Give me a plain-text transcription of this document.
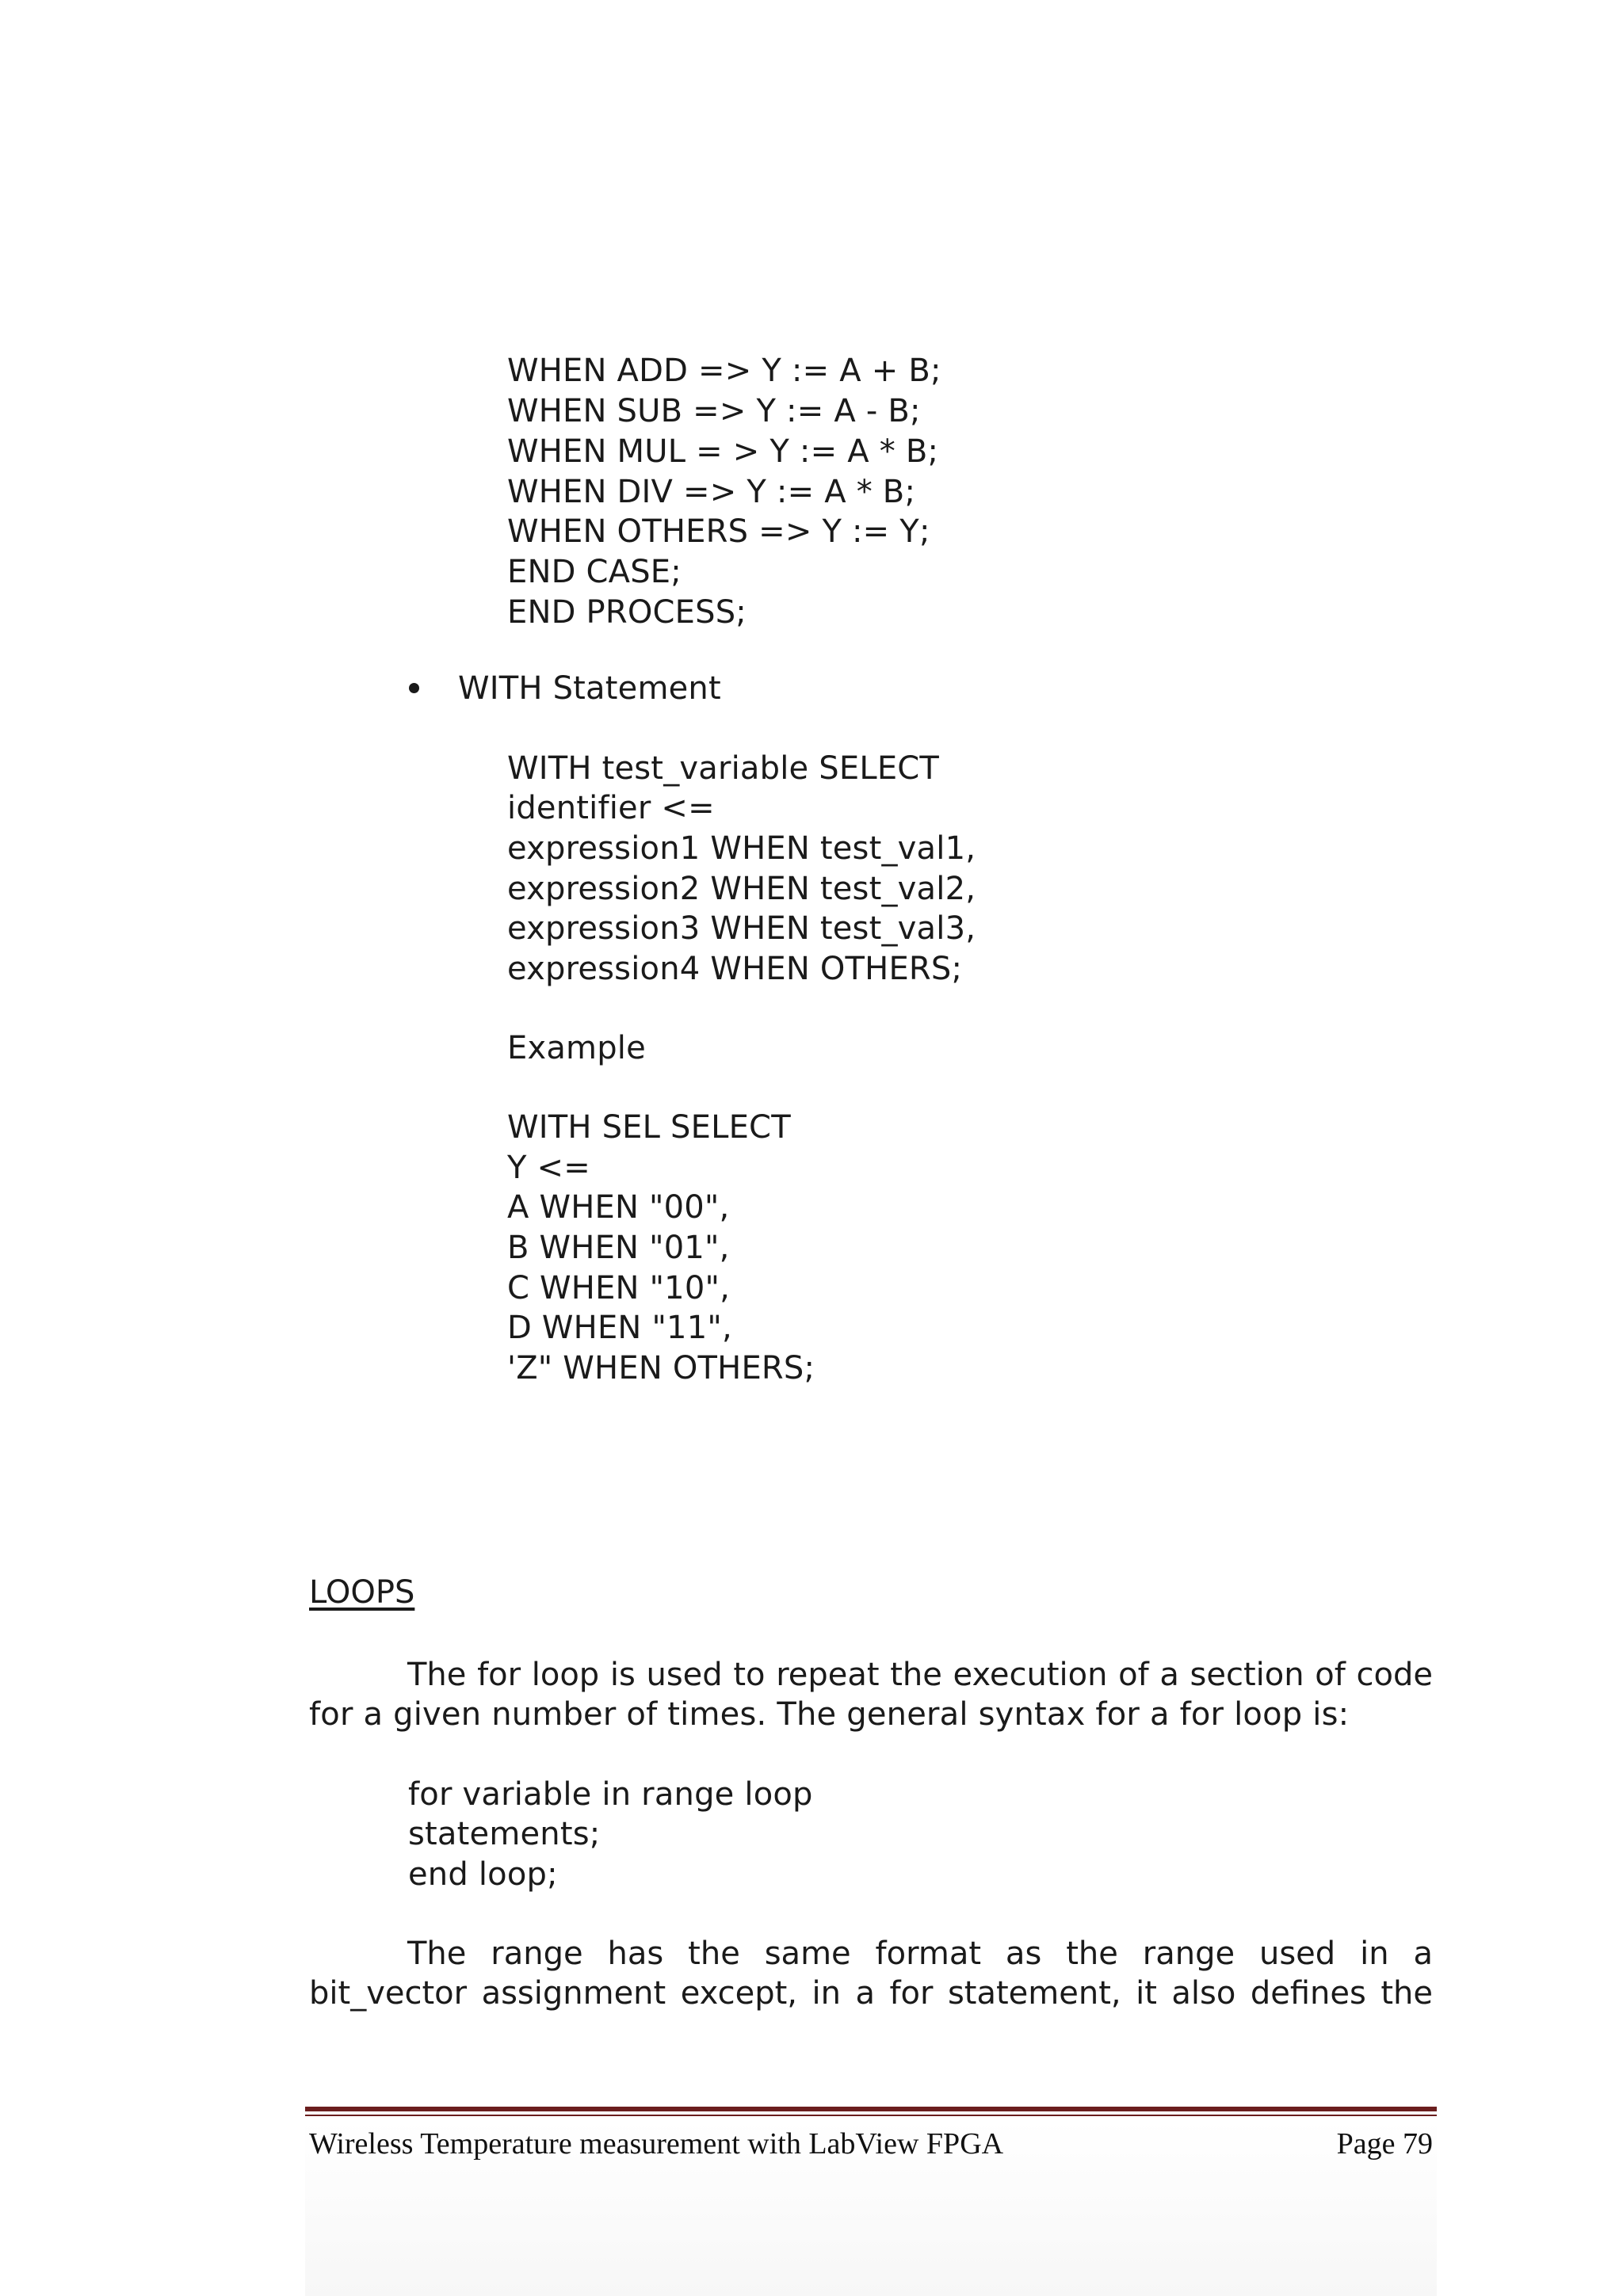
WHEN ADD => Y := A + B;
WHEN SUB => Y := A - B;
WHEN MUL = > Y := A * B;
WHEN DIV => Y := A * B;
WHEN OTHERS => Y := Y;
END CASE;
END PROCESS;
WITH Statement
WITH test_variable SELECT
identifier <=
expression1 WHEN test_val1,
expression2 WHEN test_val2,
expression3 WHEN test_val3,
expression4 WHEN OTHERS;
Example
WITH SEL SELECT
Y <=
A WHEN "00",
B WHEN "01",
C WHEN "10",
D WHEN "11",
'Z" WHEN OTHERS;
LOOPS
The for loop is used to repeat the execution of a section of code
for a given number of times. The general syntax for a for loop is:
for variable in range loop
statements;
end loop;
The range has the same format as the range used in a
bit_vector assignment except, in a for statement, it also defines the
Wireless Temperature measurement with LabView FPGA	Page 79
